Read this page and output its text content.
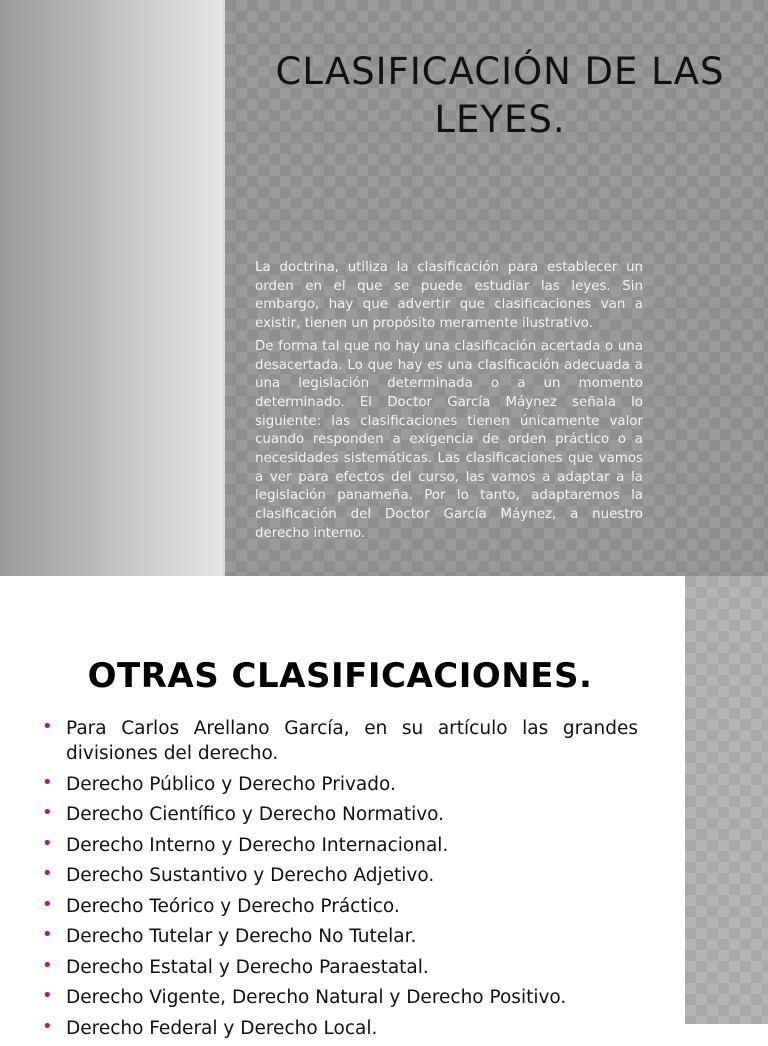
CLASIFICACIÓN DE LAS LEYES.

La doctrina, utiliza la clasificación para establecer un orden en el que se puede estudiar las leyes. Sin embargo, hay que advertir que clasificaciones van a existir, tienen un propósito meramente ilustrativo.

De forma tal que no hay una clasificación acertada o una desacertada. Lo que hay es una clasificación adecuada a una legislación determinada o a un momento determinado. El Doctor García Máynez señala lo siguiente: las clasificaciones tienen únicamente valor cuando responden a exigencia de orden práctico o a necesidades sistemáticas. Las clasificaciones que vamos a ver para efectos del curso, las vamos a adaptar a la legislación panameña. Por lo tanto, adaptaremos la clasificación del Doctor García Máynez, a nuestro derecho interno.

OTRAS CLASIFICACIONES.
• Para Carlos Arellano García, en su artículo las grandes divisiones del derecho.
• Derecho Público y Derecho Privado.
• Derecho Científico y Derecho Normativo.
• Derecho Interno y Derecho Internacional.
• Derecho Sustantivo y Derecho Adjetivo.
• Derecho Teórico y Derecho Práctico.
• Derecho Tutelar y Derecho No Tutelar.
• Derecho Estatal y Derecho Paraestatal.
• Derecho Vigente, Derecho Natural y Derecho Positivo.
• Derecho Federal y Derecho Local.
